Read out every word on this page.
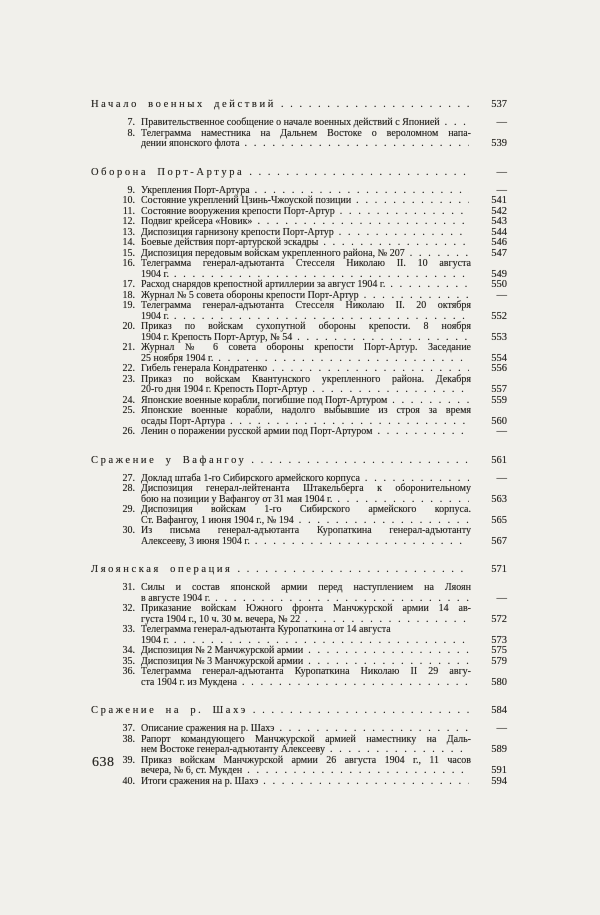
Начало военных действий .....	537
7. Правительственное сообщение о начале военных действий с Японией .....	—
8. Телеграмма наместника на Дальнем Востоке о вероломном напа-
дении японского флота .....	539
Оборона Порт-Артура .....	—
9. Укрепления Порт-Артура .....	—
10. Состояние укреплений Цзинь-Чжоуской позиции .....	541
11. Состояние вооружения крепости Порт-Артур .....	542
12. Подвиг крейсера «Новик» .....	543
13. Диспозиция гарнизону крепости Порт-Артур .....	544
14. Боевые действия порт-артурской эскадры .....	546
15. Диспозиция передовым войскам укрепленного района, № 207 .....	547
16. Телеграмма генерал-адъютанта Стесселя Николаю II. 10 августа
1904 г. .....	549
17. Расход снарядов крепостной артиллерии за август 1904 г. .....	550
18. Журнал № 5 совета обороны крепости Порт-Артур .....	—
19. Телеграмма генерал-адъютанта Стесселя Николаю II. 20 октября
1904 г. .....	552
20. Приказ по войскам сухопутной обороны крепости. 8 ноября
1904 г. Крепость Порт-Артур, № 54 .....	553
21. Журнал № 6 совета обороны крепости Порт-Артур. Заседание
25 ноября 1904 г. .....	554
22. Гибель генерала Кондратенко .....	556
23. Приказ по войскам Квантунского укрепленного района. Декабря
20-го дня 1904 г. Крепость Порт-Артур .....	557
24. Японские военные корабли, погибшие под Порт-Артуром .....	559
25. Японские военные корабли, надолго выбывшие из строя за время
осады Порт-Артура .....	560
26. Ленин о поражении русской армии под Порт-Артуром .....	—
Сражение у Вафангоу .....	561
27. Доклад штаба 1-го Сибирского армейского корпуса .....	—
28. Диспозиция генерал-лейтенанта Штакельберга к оборонительному
бою на позиции у Вафангоу от 31 мая 1904 г. .....	563
29. Диспозиция войскам 1-го Сибирского армейского корпуса.
Ст. Вафангоу, 1 июня 1904 г., № 194 .....	565
30. Из письма генерал-адъютанта Куропаткина генерал-адъютанту
Алексееву, 3 июня 1904 г. .....	567
Ляоянская операция .....	571
31. Силы и состав японской армии перед наступлением на Ляоян
в августе 1904 г. .....	—
32. Приказание войскам Южного фронта Манчжурской армии 14 ав-
густа 1904 г., 10 ч. 30 м. вечера, № 22 .....	572
33. Телеграмма генерал-адъютанта Куропаткина от 14 августа
1904 г. .....	573
34. Диспозиция № 2 Манчжурской армии .....	575
35. Диспозиция № 3 Манчжурской армии .....	579
36. Телеграмма генерал-адъютанта Куропаткина Николаю II 29 авгу-
ста 1904 г. из Мукдена .....	580
Сражение на р. Шахэ .....	584
37. Описание сражения на р. Шахэ .....	—
38. Рапорт командующего Манчжурской армией наместнику на Даль-
нем Востоке генерал-адъютанту Алексееву .....	589
39. Приказ войскам Манчжурской армии 26 августа 1904 г., 11 часов
вечера, № 6, ст. Мукден .....	591
40. Итоги сражения на р. Шахэ .....	594
638
